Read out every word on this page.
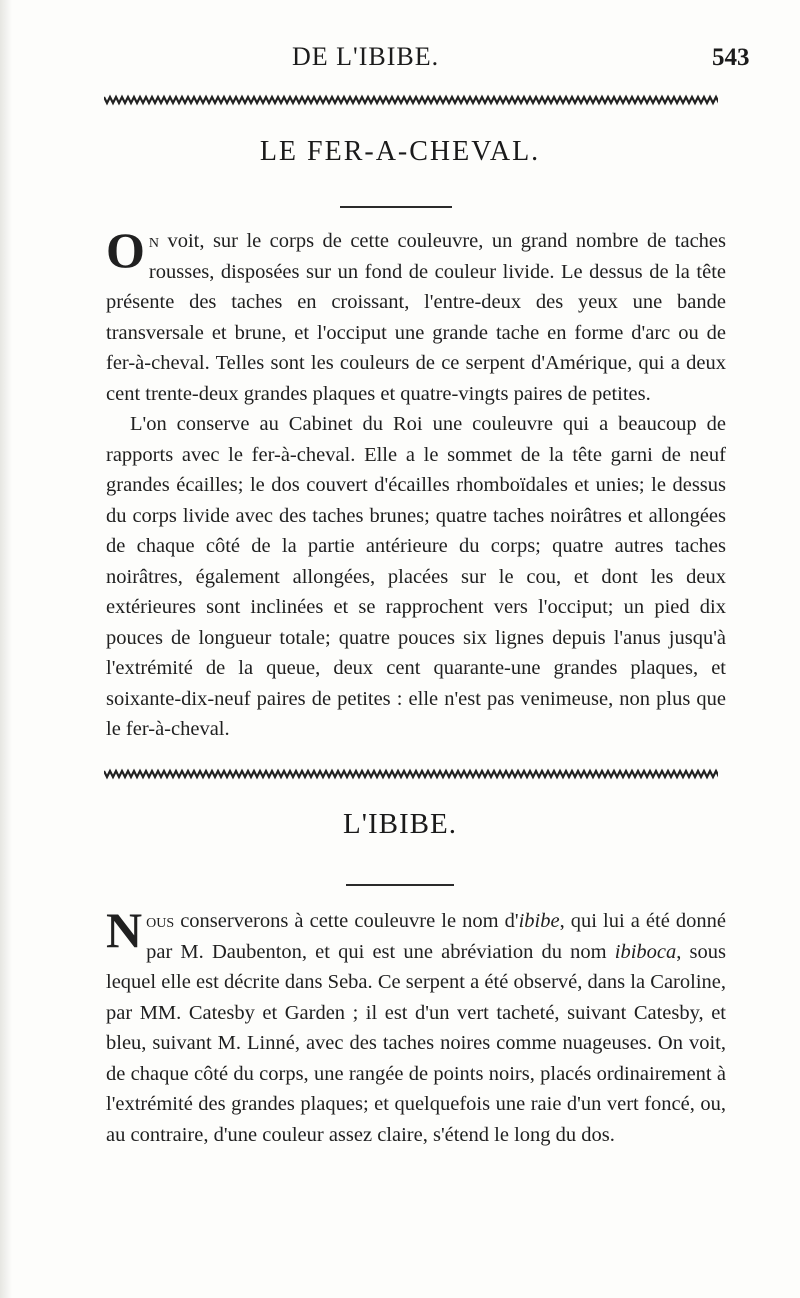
DE L'IBIBE.	543
LE FER-A-CHEVAL.

On voit, sur le corps de cette couleuvre, un grand nombre de taches rousses, disposées sur un fond de couleur livide. Le dessus de la tête présente des taches en croissant, l'entre-deux des yeux une bande transversale et brune, et l'occiput une grande tache en forme d'arc ou de fer-à-cheval. Telles sont les couleurs de ce serpent d'Amérique, qui a deux cent trente-deux grandes plaques et quatre-vingts paires de petites.

L'on conserve au Cabinet du Roi une couleuvre qui a beaucoup de rapports avec le fer-à-cheval. Elle a le sommet de la tête garni de neuf grandes écailles; le dos couvert d'écailles rhomboïdales et unies; le dessus du corps livide avec des taches brunes; quatre taches noirâtres et allongées de chaque côté de la partie antérieure du corps; quatre autres taches noirâtres, également allongées, placées sur le cou, et dont les deux extérieures sont inclinées et se rapprochent vers l'occiput; un pied dix pouces de longueur totale; quatre pouces six lignes depuis l'anus jusqu'à l'extrémité de la queue, deux cent quarante-une grandes plaques, et soixante-dix-neuf paires de petites : elle n'est pas venimeuse, non plus que le fer-à-cheval.

L'IBIBE.

Nous conserverons à cette couleuvre le nom d'ibibe, qui lui a été donné par M. Daubenton, et qui est une abréviation du nom ibiboca, sous lequel elle est décrite dans Seba. Ce serpent a été observé, dans la Caroline, par MM. Catesby et Garden ; il est d'un vert tacheté, suivant Catesby, et bleu, suivant M. Linné, avec des taches noires comme nuageuses. On voit, de chaque côté du corps, une rangée de points noirs, placés ordinairement à l'extrémité des grandes plaques; et quelquefois une raie d'un vert foncé, ou, au contraire, d'une couleur assez claire, s'étend le long du dos.
